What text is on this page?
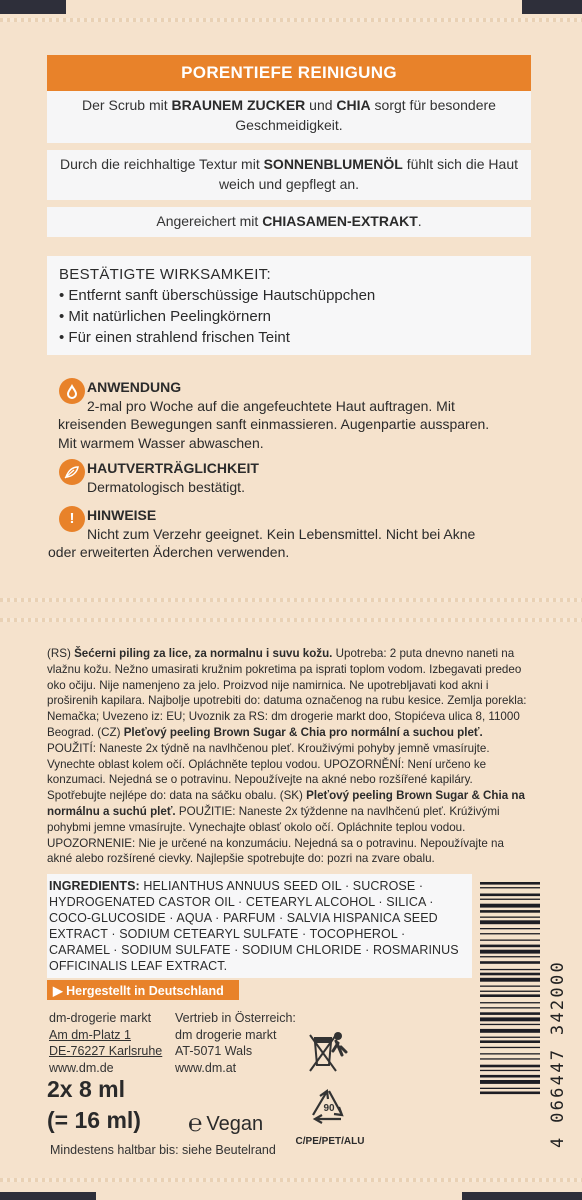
PORENTIEFE REINIGUNG
Der Scrub mit BRAUNEM ZUCKER und CHIA sorgt für besondere Geschmeidigkeit.
Durch die reichhaltige Textur mit SONNENBLUMENÖL fühlt sich die Haut weich und gepflegt an.
Angereichert mit CHIASAMEN-EXTRAKT.
BESTÄTIGTE WIRKSAMKEIT:
• Entfernt sanft überschüssige Hautschüppchen
• Mit natürlichen Peelingkörnern
• Für einen strahlend frischen Teint
ANWENDUNG
2-mal pro Woche auf die angefeuchtete Haut auftragen. Mit
kreisenden Bewegungen sanft einmassieren. Augenpartie aussparen.
Mit warmem Wasser abwaschen.
HAUTVERTRÄGLICHKEIT
Dermatologisch bestätigt.
! HINWEISE
Nicht zum Verzehr geeignet. Kein Lebensmittel. Nicht bei Akne
oder erweiterten Äderchen verwenden.
(RS) Šećerni piling za lice, za normalnu i suvu kožu. Upotreba: 2 puta dnevno naneti na vlažnu kožu. Nežno umasirati kružnim pokretima pa isprati toplom vodom. Izbegavati predeo oko očiju. Nije namenjeno za jelo. Proizvod nije namirnica. Ne upotrebljavati kod akni i proširenih kapilara. Najbolje upotrebiti do: datuma označenog na rubu kesice. Zemlja porekla: Nemačka; Uvezeno iz: EU; Uvoznik za RS: dm drogerie markt doo, Stopićeva ulica 8, 11000 Beograd. (CZ) Pleťový peeling Brown Sugar & Chia pro normální a suchou pleť. POUŽITÍ: Naneste 2x týdně na navlhčenou pleť. Krouživými pohyby jemně vmasírujte. Vynechte oblast kolem očí. Opláchněte teplou vodou. UPOZORNĚNÍ: Není určeno ke konzumaci. Nejedná se o potravinu. Nepoužívejte na akné nebo rozšířené kapiláry. Spotřebujte nejlépe do: data na sáčku obalu. (SK) Pleťový peeling Brown Sugar & Chia na normálnu a suchú pleť. POUŽITIE: Naneste 2x týždenne na navlhčenú pleť. Krúživými pohybmi jemne vmasírujte. Vynechajte oblasť okolo očí. Opláchnite teplou vodou. UPOZORNENIE: Nie je určené na konzumáciu. Nejedná sa o potravinu. Nepoužívajte na akné alebo rozšírené cievky. Najlepšie spotrebujte do: pozri na zvare obalu.
INGREDIENTS: HELIANTHUS ANNUUS SEED OIL · SUCROSE · HYDROGENATED CASTOR OIL · CETEARYL ALCOHOL · SILICA · COCO-GLUCOSIDE · AQUA · PARFUM · SALVIA HISPANICA SEED EXTRACT · SODIUM CETEARYL SULFATE · TOCOPHEROL · CARAMEL · SODIUM SULFATE · SODIUM CHLORIDE · ROSMARINUS OFFICINALIS LEAF EXTRACT.
▶ Hergestellt in Deutschland
dm-drogerie markt
Am dm-Platz 1
DE-76227 Karlsruhe
www.dm.de
Vertrieb in Österreich:
dm drogerie markt
AT-5071 Wals
www.dm.at
2x 8 ml
(= 16 ml) ℮ Vegan
Mindestens haltbar bis: siehe Beutelrand
90
C/PE/PET/ALU	4 066447 342000
